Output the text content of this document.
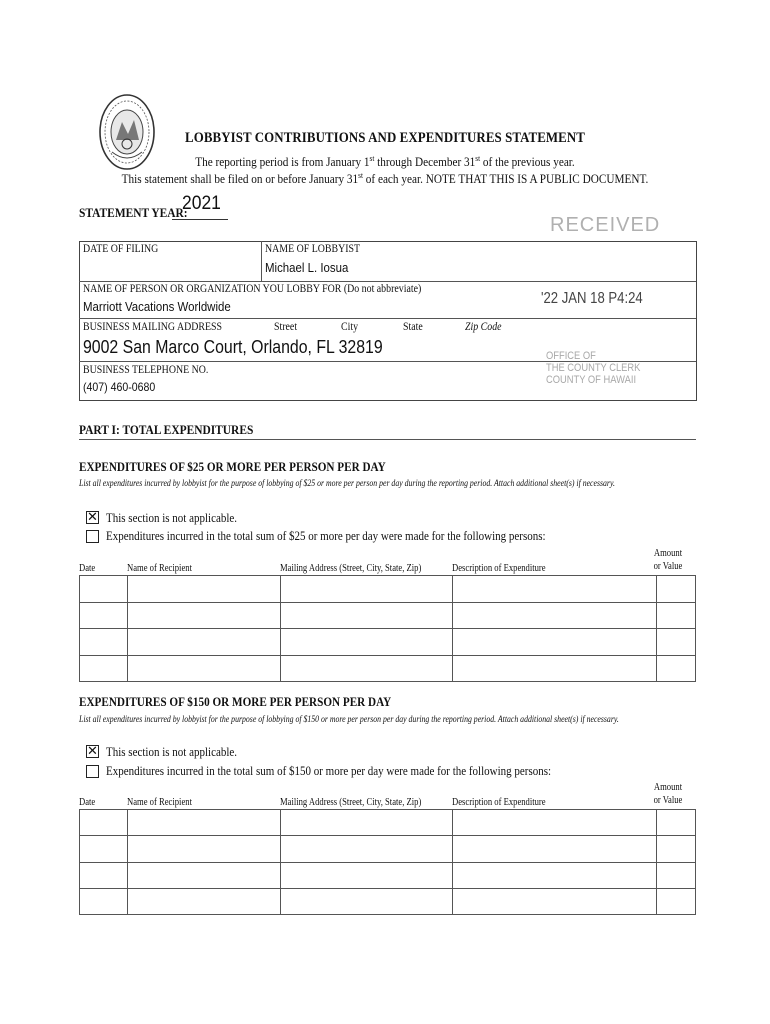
LOBBYIST CONTRIBUTIONS AND EXPENDITURES STATEMENT
The reporting period is from January 1st through December 31st of the previous year.
This statement shall be filed on or before January 31st of each year. NOTE THAT THIS IS A PUBLIC DOCUMENT.
STATEMENT YEAR:
2021
RECEIVED
'22 JAN 18 P4:24
OFFICE OF
THE COUNTY CLERK
COUNTY OF HAWAII
DATE OF FILING	NAME OF LOBBYIST
Michael L. Iosua
NAME OF PERSON OR ORGANIZATION YOU LOBBY FOR (Do not abbreviate)
Marriott Vacations Worldwide
BUSINESS MAILING ADDRESS	Street	City	State	Zip Code
9002 San Marco Court, Orlando, FL 32819
BUSINESS TELEPHONE NO.
(407) 460-0680
PART I: TOTAL EXPENDITURES
EXPENDITURES OF $25 OR MORE PER PERSON PER DAY
List all expenditures incurred by lobbyist for the purpose of lobbying of $25 or more per person per day during the reporting period. Attach additional sheet(s) if necessary.
✕ This section is not applicable.
Expenditures incurred in the total sum of $25 or more per day were made for the following persons:
Date	Name of Recipient	Mailing Address (Street, City, State, Zip)	Description of Expenditure
Amount
or Value

EXPENDITURES OF $150 OR MORE PER PERSON PER DAY
List all expenditures incurred by lobbyist for the purpose of lobbying of $150 or more per person per day during the reporting period. Attach additional sheet(s) if necessary.
✕ This section is not applicable.
Expenditures incurred in the total sum of $150 or more per day were made for the following persons:
Date	Name of Recipient	Mailing Address (Street, City, State, Zip)	Description of Expenditure
Amount
or Value
